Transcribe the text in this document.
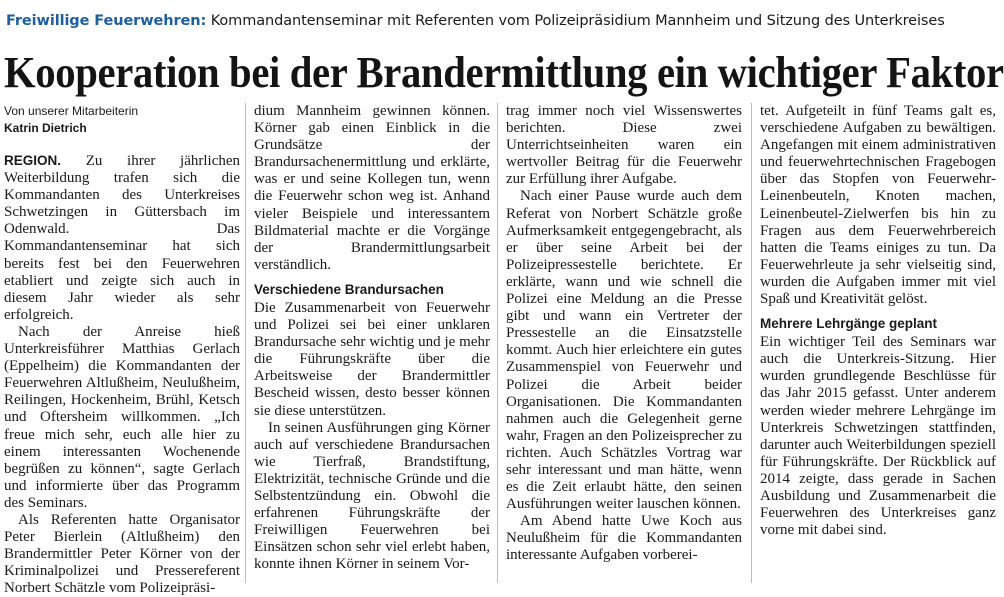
Freiwillige Feuerwehren: Kommandantenseminar mit Referenten vom Polizeipräsidium Mannheim und Sitzung des Unterkreises
Kooperation bei der Brandermittlung ein wichtiger Faktor
Von unserer Mitarbeiterin
Katrin Dietrich

REGION. Zu ihrer jährlichen Weiterbildung trafen sich die Kommandanten des Unterkreises Schwetzingen in Güttersbach im Odenwald. Das Kommandantenseminar hat sich bereits fest bei den Feuerwehren etabliert und zeigte sich auch in diesem Jahr wieder als sehr erfolgreich.

Nach der Anreise hieß Unterkreisführer Matthias Gerlach (Eppelheim) die Kommandanten der Feuerwehren Altlußheim, Neulußheim, Reilingen, Hockenheim, Brühl, Ketsch und Oftersheim willkommen. „Ich freue mich sehr, euch alle hier zu einem interessanten Wochenende begrüßen zu können“, sagte Gerlach und informierte über das Programm des Seminars.

Als Referenten hatte Organisator Peter Bierlein (Altlußheim) den Brandermittler Peter Körner von der Kriminalpolizei und Pressereferent Norbert Schätzle vom Polizeipräsi-

dium Mannheim gewinnen können. Körner gab einen Einblick in die Grundsätze der Brandursachenermittlung und erklärte, was er und seine Kollegen tun, wenn die Feuerwehr schon weg ist. Anhand vieler Beispiele und interessantem Bildmaterial machte er die Vorgänge der Brandermittlungsarbeit verständlich.

Verschiedene Brandursachen

Die Zusammenarbeit von Feuerwehr und Polizei sei bei einer unklaren Brandursache sehr wichtig und je mehr die Führungskräfte über die Arbeitsweise der Brandermittler Bescheid wissen, desto besser können sie diese unterstützen.

In seinen Ausführungen ging Körner auch auf verschiedene Brandursachen wie Tierfraß, Brandstiftung, Elektrizität, technische Gründe und die Selbstentzündung ein. Obwohl die erfahrenen Führungskräfte der Freiwilligen Feuerwehren bei Einsätzen schon sehr viel erlebt haben, konnte ihnen Körner in seinem Vor-

trag immer noch viel Wissenswertes berichten. Diese zwei Unterrichtseinheiten waren ein wertvoller Beitrag für die Feuerwehr zur Erfüllung ihrer Aufgabe.

Nach einer Pause wurde auch dem Referat von Norbert Schätzle große Aufmerksamkeit entgegengebracht, als er über seine Arbeit bei der Polizeipressestelle berichtete. Er erklärte, wann und wie schnell die Polizei eine Meldung an die Presse gibt und wann ein Vertreter der Pressestelle an die Einsatzstelle kommt. Auch hier erleichtere ein gutes Zusammenspiel von Feuerwehr und Polizei die Arbeit beider Organisationen. Die Kommandanten nahmen auch die Gelegenheit gerne wahr, Fragen an den Polizeisprecher zu richten. Auch Schätzles Vortrag war sehr interessant und man hätte, wenn es die Zeit erlaubt hätte, den seinen Ausführungen weiter lauschen können.

Am Abend hatte Uwe Koch aus Neulußheim für die Kommandanten interessante Aufgaben vorberei-

tet. Aufgeteilt in fünf Teams galt es, verschiedene Aufgaben zu bewältigen. Angefangen mit einem administrativen und feuerwehrtechnischen Fragebogen über das Stopfen von Feuerwehr-Leinenbeuteln, Knoten machen, Leinenbeutel-Zielwerfen bis hin zu Fragen aus dem Feuerwehrbereich hatten die Teams einiges zu tun. Da Feuerwehrleute ja sehr vielseitig sind, wurden die Aufgaben immer mit viel Spaß und Kreativität gelöst.

Mehrere Lehrgänge geplant

Ein wichtiger Teil des Seminars war auch die Unterkreis-Sitzung. Hier wurden grundlegende Beschlüsse für das Jahr 2015 gefasst. Unter anderem werden wieder mehrere Lehrgänge im Unterkreis Schwetzingen stattfinden, darunter auch Weiterbildungen speziell für Führungskräfte. Der Rückblick auf 2014 zeigte, dass gerade in Sachen Ausbildung und Zusammenarbeit die Feuerwehren des Unterkreises ganz vorne mit dabei sind.
